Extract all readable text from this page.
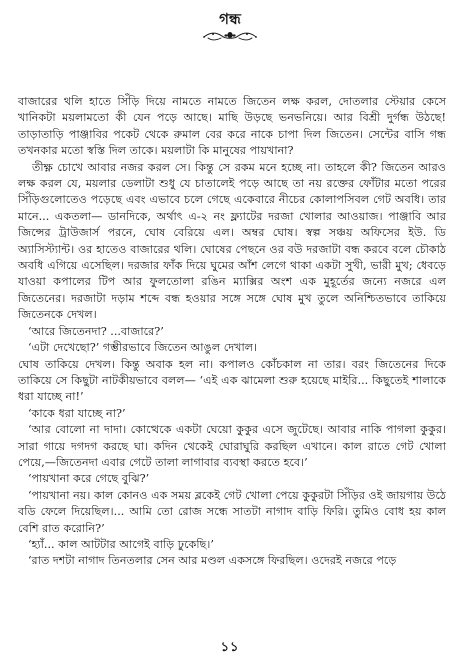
গন্ধ

বাজারের থলি হাতে সিঁড়ি দিয়ে নামতে নামতে জিতেন লক্ষ করল, দোতলার স্টেয়ার কেসে খানিকটা ময়লামতো কী যেন পড়ে আছে। মাছি উড়ছে ভনভনিয়ে। আর বিশ্রী দুর্গন্ধ উঠছে! তাড়াতাড়ি পাঞ্জাবির পকেট থেকে রুমাল বের করে নাকে চাপা দিল জিতেন। সেন্টের বাসি গন্ধ তখনকার মতো স্বস্তি দিল তাকে। ময়লাটা কি মানুষের পায়খানা?

তীক্ষ্ণ চোখে আবার নজর করল সে। কিন্তু সে রকম মনে হচ্ছে না। তাহলে কী? জিতেন আরও লক্ষ করল যে, ময়লার ডেলাটা শুধু যে চাতালেই পড়ে আছে তা নয় রক্তের ফোঁটার মতো পরের সিঁড়িগুলোতেও পড়েছে এবং এভাবে চলে গেছে একেবারে নীচের কোলাপসিবল গেট অবধি। তার মানে... একতলা— ডানদিকে, অর্থাৎ এ-২ নং ফ্ল্যাটের দরজা খোলার আওয়াজ। পাঞ্জাবি আর জিন্সের ট্রাউজার্স পরনে, ঘোষ বেরিয়ে এল। অম্বর ঘোষ। স্বল্প সঞ্চয় অফিসের ইউ. ডি অ্যাসিস্ট্যান্ট। ওর হাতেও বাজারের থলি। ঘোষের পেছনে ওর বউ দরজাটা বন্ধ করবে বলে চৌকাঠ অবধি এগিয়ে এসেছিল। দরজার ফাঁক দিয়ে ঘুমের আঁশ লেগে থাকা একটা সুখী, ভারী মুখ; ধেবড়ে যাওয়া কপালের টিপ আর ফুলতোলা রঙিন ম্যাক্সির অংশ এক মুহূর্তের জন্যে নজরে এল জিতেনের। দরজাটা দড়াম শব্দে বন্ধ হওয়ার সঙ্গে সঙ্গে ঘোষ মুখ তুলে অনিশ্চিতভাবে তাকিয়ে জিতেনকে দেখল।

‘আরে জিতেনদা? ...বাজারে?’

‘এটা দেখেছো?’ গম্ভীরভাবে জিতেন আঙুল দেখাল।

ঘোষ তাকিয়ে দেখল। কিন্তু অবাক হল না। কপালও কোঁচকাল না তার। বরং জিতেনের দিকে তাকিয়ে সে কিছুটা নাটকীয়ভাবে বলল— ‘এই এক ঝামেলা শুরু হয়েছে মাইরি... কিছুতেই শালাকে ধরা যাচ্ছে না!’

‘কাকে ধরা যাচ্ছে না?’

‘আর বোলো না দাদা। কোত্থেকে একটা ঘেয়ো কুকুর এসে জুটেছে। আবার নাকি পাগলা কুকুর। সারা গায়ে দগদগ করছে ঘা। কদিন থেকেই ঘোরাঘুরি করছিল এখানে। কাল রাতে গেট খোলা পেয়ে,—জিতেনদা এবার গেটে তালা লাগাবার ব্যবস্থা করতে হবে।’

‘পায়খানা করে গেছে বুঝি?’

‘পায়খানা নয়। কাল কোনও এক সময় ব্লকেই গেট খোলা পেয়ে কুকুরটা সিঁড়ির ওই জায়গায় উঠে বডি ফেলে দিয়েছিল।... আমি তো রোজ সন্ধে সাতটা নাগাদ বাড়ি ফিরি। তুমিও বোধ হয় কাল বেশি রাত করোনি?’

‘হ্যাঁ... কাল আটটার আগেই বাড়ি ঢুকেছি।’

‘রাত দশটা নাগাদ তিনতলার সেন আর মণ্ডল একসঙ্গে ফিরছিল। ওদেরই নজরে পড়ে

১১
